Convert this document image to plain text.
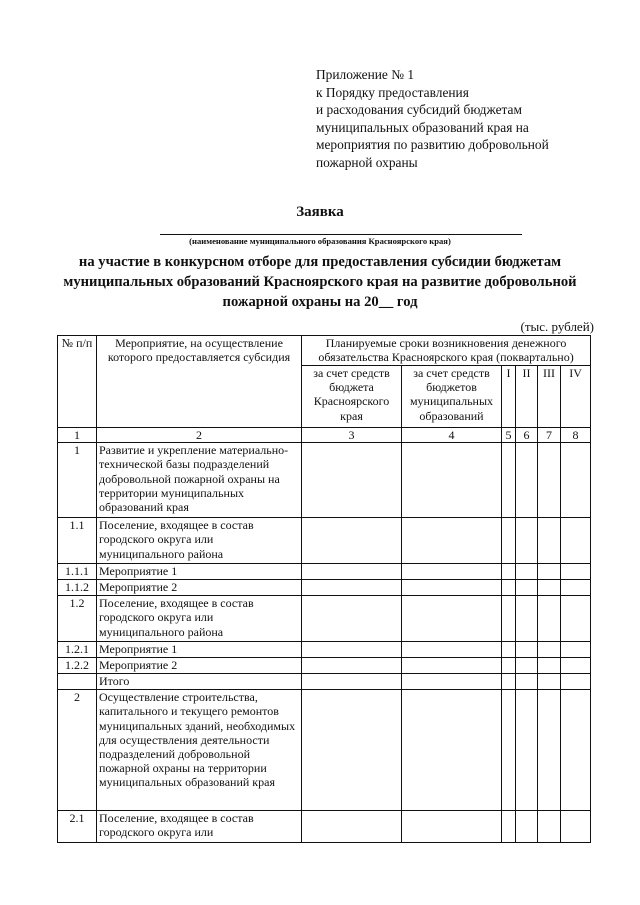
Приложение № 1
к Порядку предоставления
и расходования субсидий бюджетам
муниципальных образований края на
мероприятия по развитию добровольной
пожарной охраны
Заявка
(наименование муниципального образования Красноярского края)
на участие в конкурсном отборе для предоставления субсидии бюджетам муниципальных образований Красноярского края на развитие добровольной пожарной охраны на 20__ год
(тыс. рублей)
№ п/п	Мероприятие, на осуществление которого предоставляется субсидия	Планируемые сроки возникновения денежного обязательства Красноярского края (поквартально)					
		за счет средств бюджета Красноярского края	за счет средств бюджетов муниципальных образований	I	II	III	IV
1	2	3	4	5	6	7	8
1	Развитие и укрепление материально-технической базы подразделений добровольной пожарной охраны на территории муниципальных образований края						
1.1	Поселение, входящее в состав городского округа или муниципального района						
1.1.1	Мероприятие 1						
1.1.2	Мероприятие 2						
1.2	Поселение, входящее в состав городского округа или муниципального района						
1.2.1	Мероприятие 1						
1.2.2	Мероприятие 2						
	Итого						
2	Осуществление строительства, капитального и текущего ремонтов муниципальных зданий, необходимых для осуществления деятельности подразделений добровольной пожарной охраны на территории муниципальных образований края						
2.1	Поселение, входящее в состав городского округа или						
